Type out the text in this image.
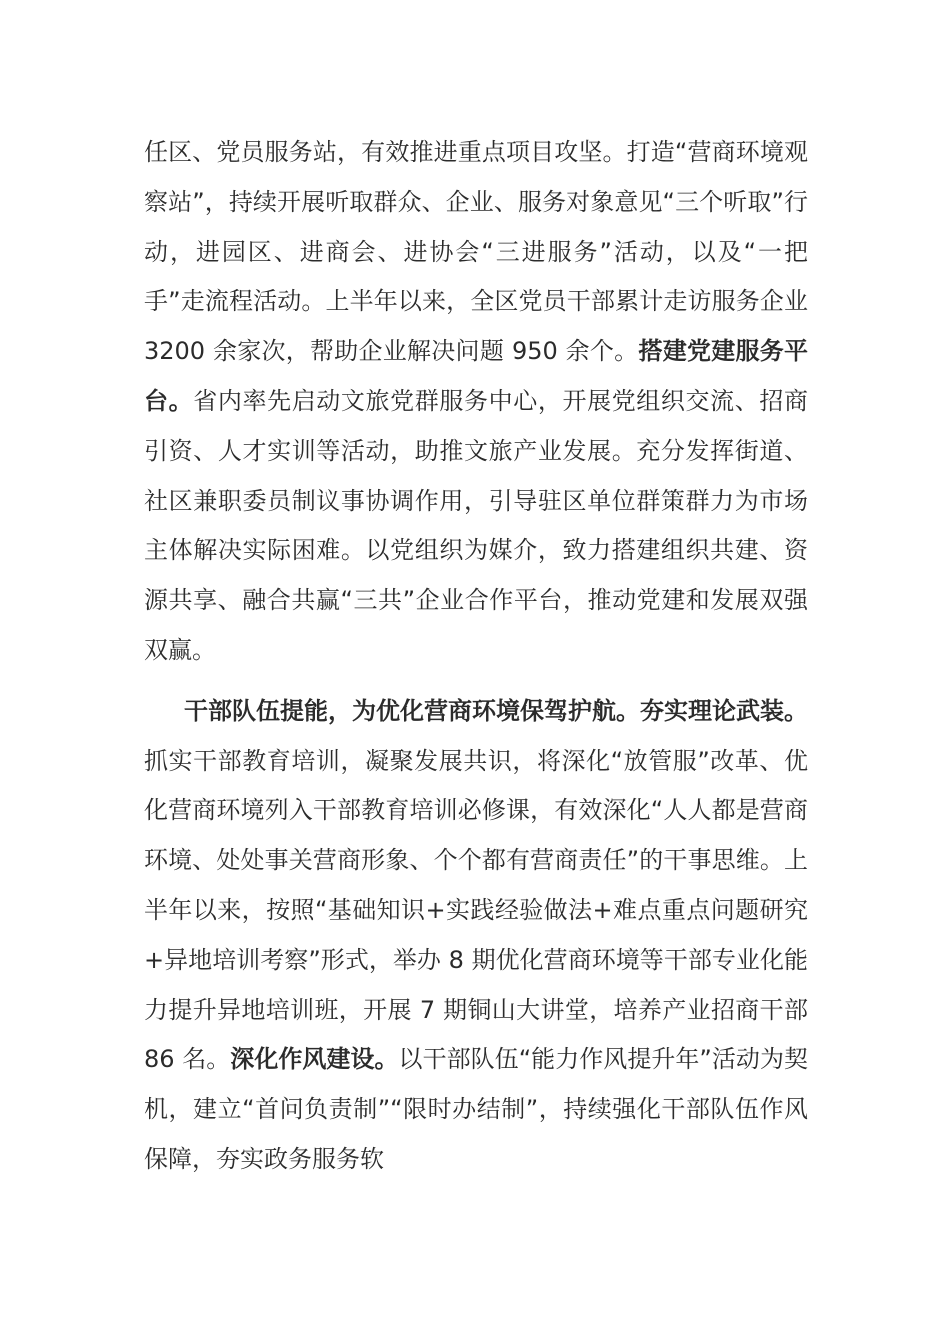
任区、党员服务站，有效推进重点项目攻坚。打造“营商环境观察站”，持续开展听取群众、企业、服务对象意见“三个听取”行动，进园区、进商会、进协会“三进服务”活动，以及“一把手”走流程活动。上半年以来，全区党员干部累计走访服务企业 3200 余家次，帮助企业解决问题 950 余个。搭建党建服务平台。省内率先启动文旅党群服务中心，开展党组织交流、招商引资、人才实训等活动，助推文旅产业发展。充分发挥街道、社区兼职委员制议事协调作用，引导驻区单位群策群力为市场主体解决实际困难。以党组织为媒介，致力搭建组织共建、资源共享、融合共赢“三共”企业合作平台，推动党建和发展双强双赢。

干部队伍提能，为优化营商环境保驾护航。夯实理论武装。抓实干部教育培训，凝聚发展共识，将深化“放管服”改革、优化营商环境列入干部教育培训必修课，有效深化“人人都是营商环境、处处事关营商形象、个个都有营商责任”的干事思维。上半年以来，按照“基础知识+实践经验做法+难点重点问题研究+异地培训考察”形式，举办 8 期优化营商环境等干部专业化能力提升异地培训班，开展 7 期铜山大讲堂，培养产业招商干部 86 名。深化作风建设。以干部队伍“能力作风提升年”活动为契机，建立“首问负责制”“限时办结制”，持续强化干部队伍作风保障，夯实政务服务软
